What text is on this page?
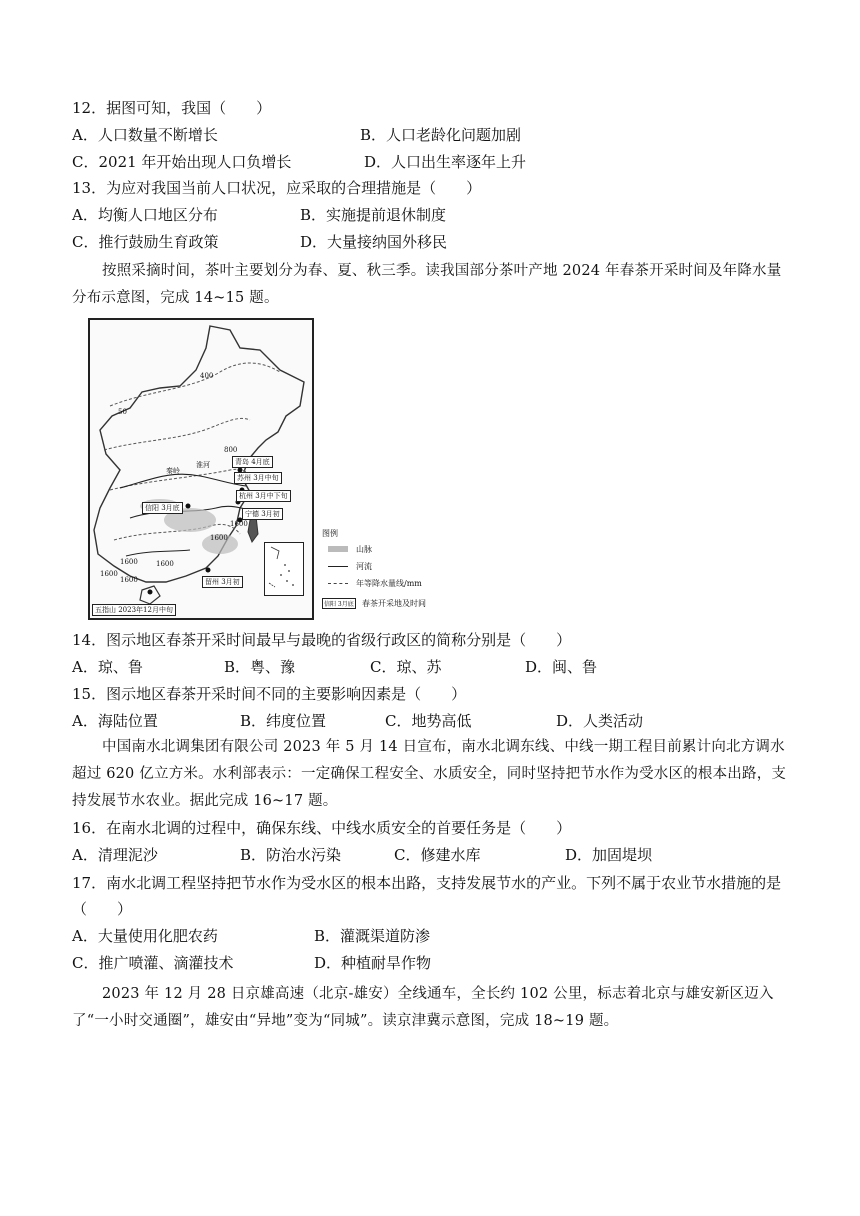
12．据图可知，我国（　　）
A．人口数量不断增长	B．人口老龄化问题加剧
C．2021 年开始出现人口负增长	D．人口出生率逐年上升
13．为应对我国当前人口状况，应采取的合理措施是（　　）
A．均衡人口地区分布	B．实施提前退休制度
C．推行鼓励生育政策	D．大量接纳国外移民
按照采摘时间，茶叶主要划分为春、夏、秋三季。读我国部分茶叶产地 2024 年春茶开采时间及年降水量分布示意图，完成 14~15 题。
400
50
800
1600
1600
1600
1600
1600	1600
秦岭
淮河	青岛 4月底
苏州 3月中旬
杭州 3月中下旬
宁德 3月初
信阳 3月底
留州 3月初
五指山 2023年12月中旬
图例
山脉
河流
年等降水量线/mm
信阳 3月底 春茶开采地及时间
14．图示地区春茶开采时间最早与最晚的省级行政区的简称分别是（　　）
A．琼、鲁	B．粤、豫	C．琼、苏	D．闽、鲁
15．图示地区春茶开采时间不同的主要影响因素是（　　）
A．海陆位置	B．纬度位置	C．地势高低	D．人类活动
中国南水北调集团有限公司 2023 年 5 月 14 日宣布，南水北调东线、中线一期工程目前累计向北方调水超过 620 亿立方米。水利部表示：一定确保工程安全、水质安全，同时坚持把节水作为受水区的根本出路，支持发展节水农业。据此完成 16~17 题。
16．在南水北调的过程中，确保东线、中线水质安全的首要任务是（　　）
A．清理泥沙	B．防治水污染	C．修建水库	D．加固堤坝
17．南水北调工程坚持把节水作为受水区的根本出路，支持发展节水的产业。下列不属于农业节水措施的是
（　　）
A．大量使用化肥农药	B．灌溉渠道防渗
C．推广喷灌、滴灌技术	D．种植耐旱作物
2023 年 12 月 28 日京雄高速（北京-雄安）全线通车，全长约 102 公里，标志着北京与雄安新区迈入了“一小时交通圈”，雄安由“异地”变为“同城”。读京津冀示意图，完成 18~19 题。
